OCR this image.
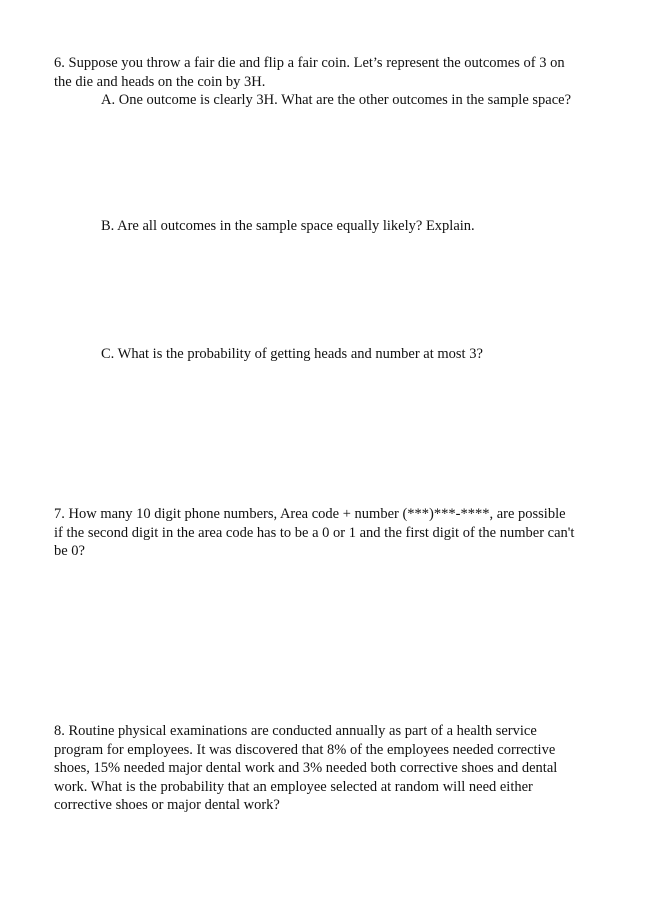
6. Suppose you throw a fair die and flip a fair coin. Let’s represent the outcomes of 3 on
the die and heads on the coin by 3H.
A. One outcome is clearly 3H. What are the other outcomes in the sample space?
B. Are all outcomes in the sample space equally likely? Explain.
C. What is the probability of getting heads and number at most 3?
7. How many 10 digit phone numbers, Area code + number (***)***-****, are possible
if the second digit in the area code has to be a 0 or 1 and the first digit of the number can't
be 0?
8. Routine physical examinations are conducted annually as part of a health service
program for employees. It was discovered that 8% of the employees needed corrective
shoes, 15% needed major dental work and 3% needed both corrective shoes and dental
work. What is the probability that an employee selected at random will need either
corrective shoes or major dental work?
